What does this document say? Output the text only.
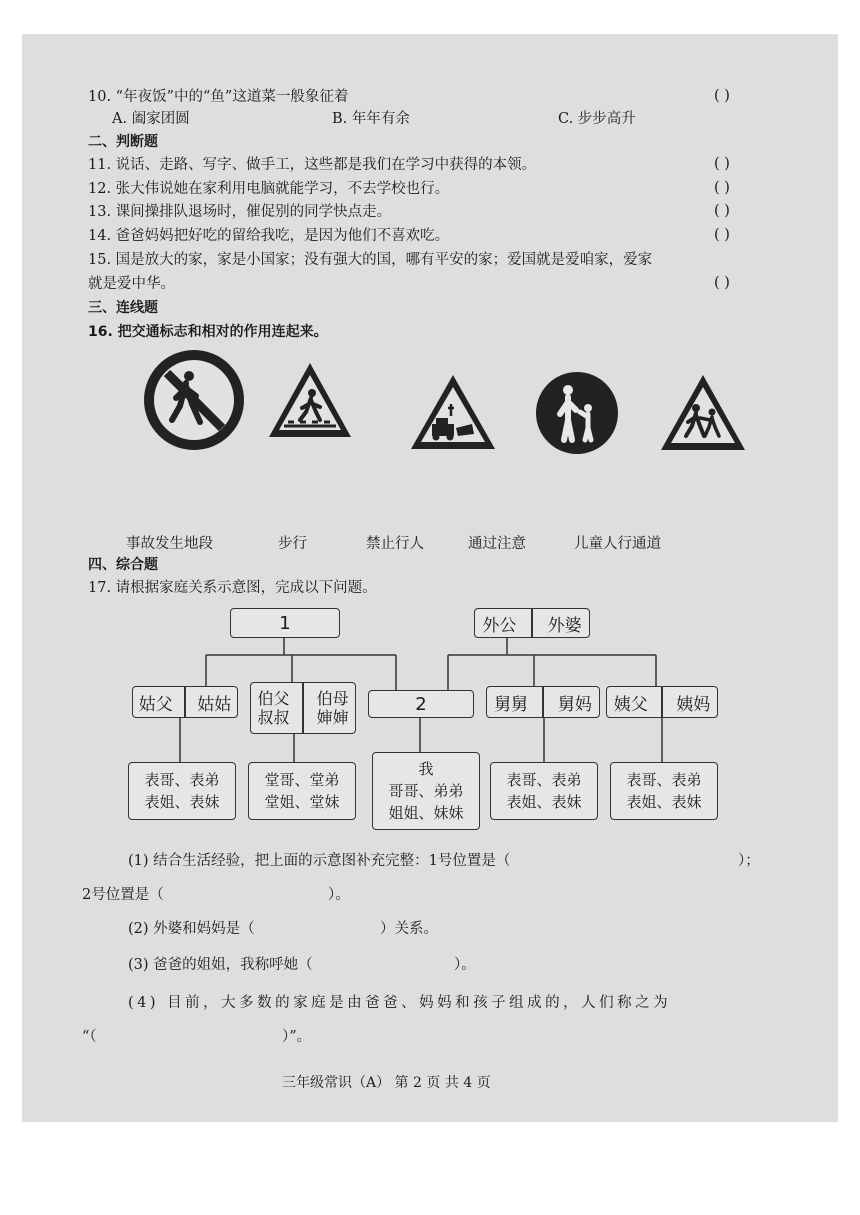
10. “年夜饭”中的“鱼”这道菜一般象征着	( )
A. 阖家团圆	B. 年年有余	C. 步步高升
二、判断题
11. 说话、走路、写字、做手工，这些都是我们在学习中获得的本领。	( )
12. 张大伟说她在家利用电脑就能学习，不去学校也行。	( )
13. 课间操排队退场时，催促别的同学快点走。	( )
14. 爸爸妈妈把好吃的留给我吃，是因为他们不喜欢吃。	( )
15. 国是放大的家，家是小国家；没有强大的国，哪有平安的家；爱国就是爱咱家，爱家
就是爱中华。	( )
三、连线题
16. 把交通标志和相对的作用连起来。
事故发生地段	步行	禁止行人	通过注意	儿童人行通道
四、综合题
17. 请根据家庭关系示意图，完成以下问题。
1	外公 外婆
姑父 姑姑 伯父
叔叔
伯母
婶婶
2	舅舅 舅妈 姨父 姨妈
表哥、表弟
表姐、表妹
堂哥、堂弟
堂姐、堂妹
我
哥哥、弟弟
姐姐、妹妹
表哥、表弟
表姐、表妹
表哥、表弟
表姐、表妹
(1) 结合生活经验，把上面的示意图补充完整：1号位置是（	）；
2号位置是（	）。
(2) 外婆和妈妈是（	）关系。
(3) 爸爸的姐姐，我称呼她（	）。
(4) 目前，大多数的家庭是由爸爸、妈妈和孩子组成的，人们称之为
“（	）”。
三年级常识（A） 第 2 页 共 4 页
